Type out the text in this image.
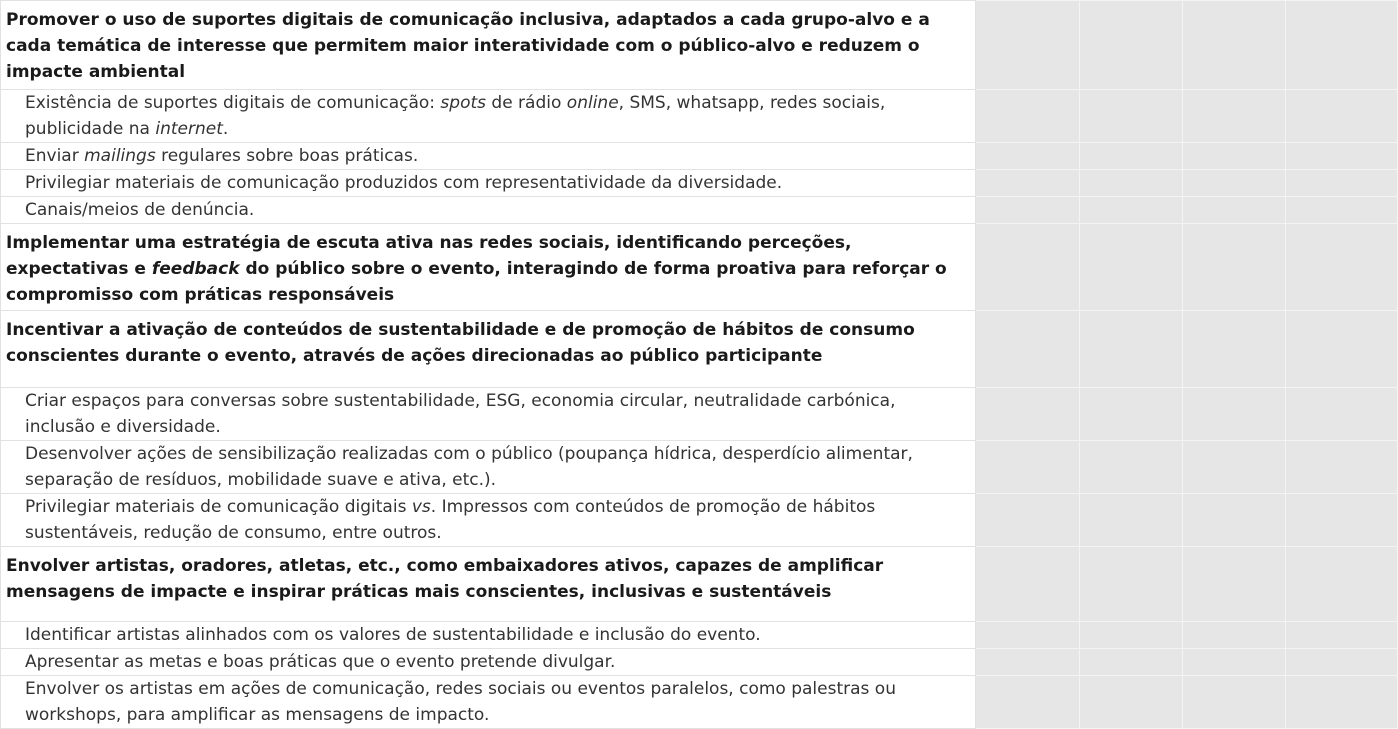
Promover o uso de suportes digitais de comunicação inclusiva, adaptados a cada grupo-alvo e a cada temática de interesse que permitem maior interatividade com o público-alvo e reduzem o impacte ambiental				

Existência de suportes digitais de comunicação: spots de rádio online, SMS, whatsapp, redes sociais, publicidade na internet.				

Enviar mailings regulares sobre boas práticas.				

Privilegiar materiais de comunicação produzidos com representatividade da diversidade.				

Canais/meios de denúncia.				

Implementar uma estratégia de escuta ativa nas redes sociais, identificando perceções, expectativas e feedback do público sobre o evento, interagindo de forma proativa para reforçar o compromisso com práticas responsáveis				

Incentivar a ativação de conteúdos de sustentabilidade e de promoção de hábitos de consumo conscientes durante o evento, através de ações direcionadas ao público participante				

Criar espaços para conversas sobre sustentabilidade, ESG, economia circular, neutralidade carbónica, inclusão e diversidade.				

Desenvolver ações de sensibilização realizadas com o público (poupança hídrica, desperdício alimentar, separação de resíduos, mobilidade suave e ativa, etc.).				

Privilegiar materiais de comunicação digitais vs. Impressos com conteúdos de promoção de hábitos sustentáveis, redução de consumo, entre outros.				

Envolver artistas, oradores, atletas, etc., como embaixadores ativos, capazes de amplificar mensagens de impacte e inspirar práticas mais conscientes, inclusivas e sustentáveis				

Identificar artistas alinhados com os valores de sustentabilidade e inclusão do evento.				

Apresentar as metas e boas práticas que o evento pretende divulgar.				

Envolver os artistas em ações de comunicação, redes sociais ou eventos paralelos, como palestras ou workshops, para amplificar as mensagens de impacto.				
